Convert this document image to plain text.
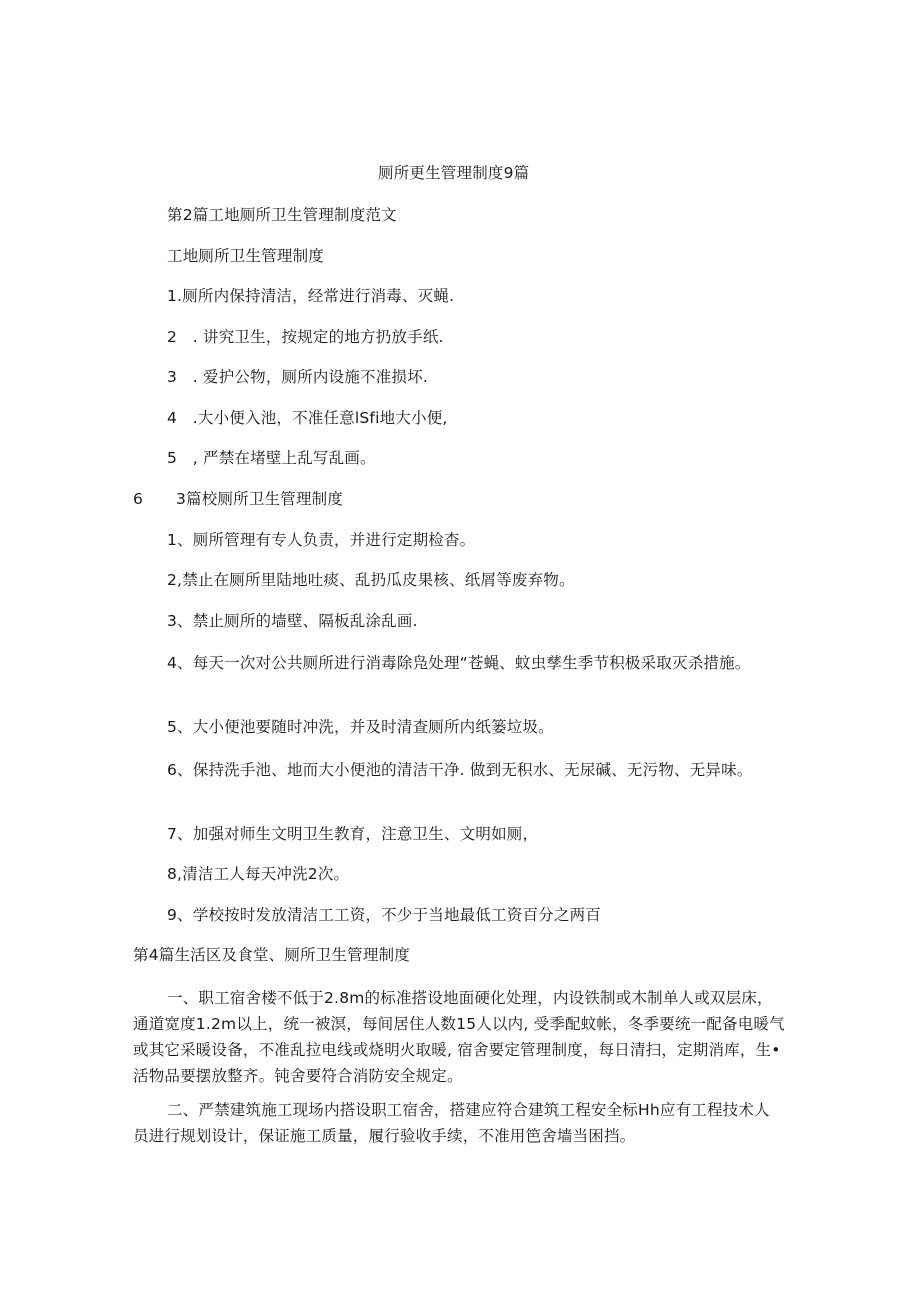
厕所更生管理制度9篇
第2篇工地厕所卫生管理制度范文
工地厕所卫生管理制度
1.厕所内保持清洁，经常进行消毒、灭蝇.
2　. 讲究卫生，按规定的地方扔放手纸.
3　. 爱护公物，厕所内设施不准损坏.
4　.大小便入池，不准任意lSfi地大小便,
5　, 严禁在堵壁上乱写乱画。
6 3篇校厕所卫生管理制度
1、厕所管理有专人负责，并进行定期检杳。
2,禁止在厕所里陆地吐痰、乱扔瓜皮果核、纸屑等废弃物。
3、禁止厕所的墙壁、隔板乱涂乱画.
4、每天一次对公共厕所进行消毒除凫处理“苍蝇、蚊虫孳生季节积极采取灭杀措施。
5、大小便池要随时冲洗，并及时清查厕所内纸篓垃圾。
6、保持洗手池、地而大小便池的清洁干净. 做到无积水、无尿碱、无污物、无异味。
7、加强对师生文明卫生教育，注意卫生、文明如厕，
8,清洁工人每天冲洗2次。
9、学校按时发放清洁工工资，不少于当地最低工资百分之两百
第4篇生活区及食堂、厕所卫生管理制度
一、职工宿舍楼不低于2.8m的标准搭设地面硬化处理，内设铁制或木制单人或双层床，通道宽度1.2m以上，统一被溟，每间居住人数15人以内, 受季配蚊帐，冬季要统一配备电暖气或其它采暖设备，不准乱拉电线或烧明火取暖, 宿舍要定管理制度，每日清扫，定期消库，生•活物品要摆放整齐。钝舍要符合消防安全规定。
二、严禁建筑施工现场内搭设职工宿舍，搭建应符合建筑工程安全标Hh应有工程技术人员进行规划设计，保证施工质量，履行验收手续，不准用笆舍墙当困挡。
